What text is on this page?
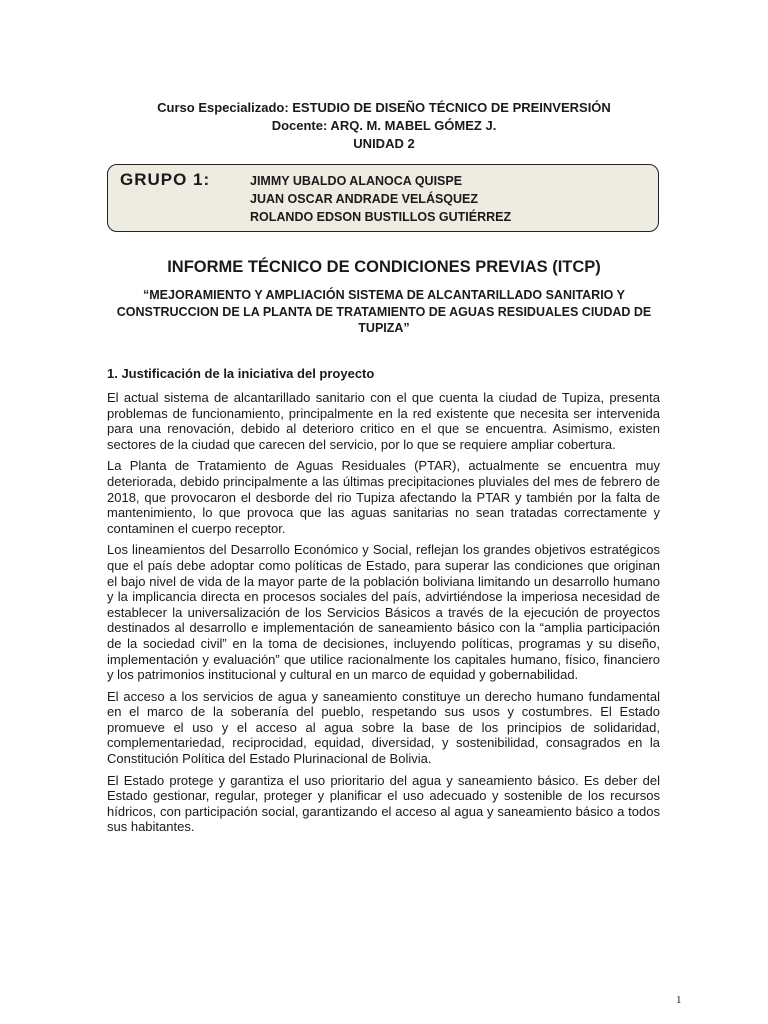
Curso Especializado: ESTUDIO DE DISEÑO TÉCNICO DE PREINVERSIÓN
Docente: ARQ. M. MABEL GÓMEZ J.
UNIDAD 2
GRUPO 1:	JIMMY UBALDO ALANOCA QUISPE
JUAN OSCAR ANDRADE VELÁSQUEZ
ROLANDO EDSON BUSTILLOS GUTIÉRREZ
INFORME TÉCNICO DE CONDICIONES PREVIAS (ITCP)
“MEJORAMIENTO Y AMPLIACIÓN SISTEMA DE ALCANTARILLADO SANITARIO Y CONSTRUCCION DE LA PLANTA DE TRATAMIENTO DE AGUAS RESIDUALES CIUDAD DE TUPIZA”
1. Justificación de la iniciativa del proyecto

El actual sistema de alcantarillado sanitario con el que cuenta la ciudad de Tupiza, presenta problemas de funcionamiento, principalmente en la red existente que necesita ser intervenida para una renovación, debido al deterioro critico en el que se encuentra. Asimismo, existen sectores de la ciudad que carecen del servicio, por lo que se requiere ampliar cobertura.

La Planta de Tratamiento de Aguas Residuales (PTAR), actualmente se encuentra muy deteriorada, debido principalmente a las últimas precipitaciones pluviales del mes de febrero de 2018, que provocaron el desborde del rio Tupiza afectando la PTAR y también por la falta de mantenimiento, lo que provoca que las aguas sanitarias no sean tratadas correctamente y contaminen el cuerpo receptor.

Los lineamientos del Desarrollo Económico y Social, reflejan los grandes objetivos estratégicos que el país debe adoptar como políticas de Estado, para superar las condiciones que originan el bajo nivel de vida de la mayor parte de la población boliviana limitando un desarrollo humano y la implicancia directa en procesos sociales del país, advirtiéndose la imperiosa necesidad de establecer la universalización de los Servicios Básicos a través de la ejecución de proyectos destinados al desarrollo e implementación de saneamiento básico con la “amplia participación de la sociedad civil” en la toma de decisiones, incluyendo políticas, programas y su diseño, implementación y evaluación” que utilice racionalmente los capitales humano, físico, financiero y los patrimonios institucional y cultural en un marco de equidad y gobernabilidad.

El acceso a los servicios de agua y saneamiento constituye un derecho humano fundamental en el marco de la soberanía del pueblo, respetando sus usos y costumbres. El Estado promueve el uso y el acceso al agua sobre la base de los principios de solidaridad, complementariedad, reciprocidad, equidad, diversidad, y sostenibilidad, consagrados en la Constitución Política del Estado Plurinacional de Bolivia.

El Estado protege y garantiza el uso prioritario del agua y saneamiento básico. Es deber del Estado gestionar, regular, proteger y planificar el uso adecuado y sostenible de los recursos hídricos, con participación social, garantizando el acceso al agua y saneamiento básico a todos sus habitantes.

1
